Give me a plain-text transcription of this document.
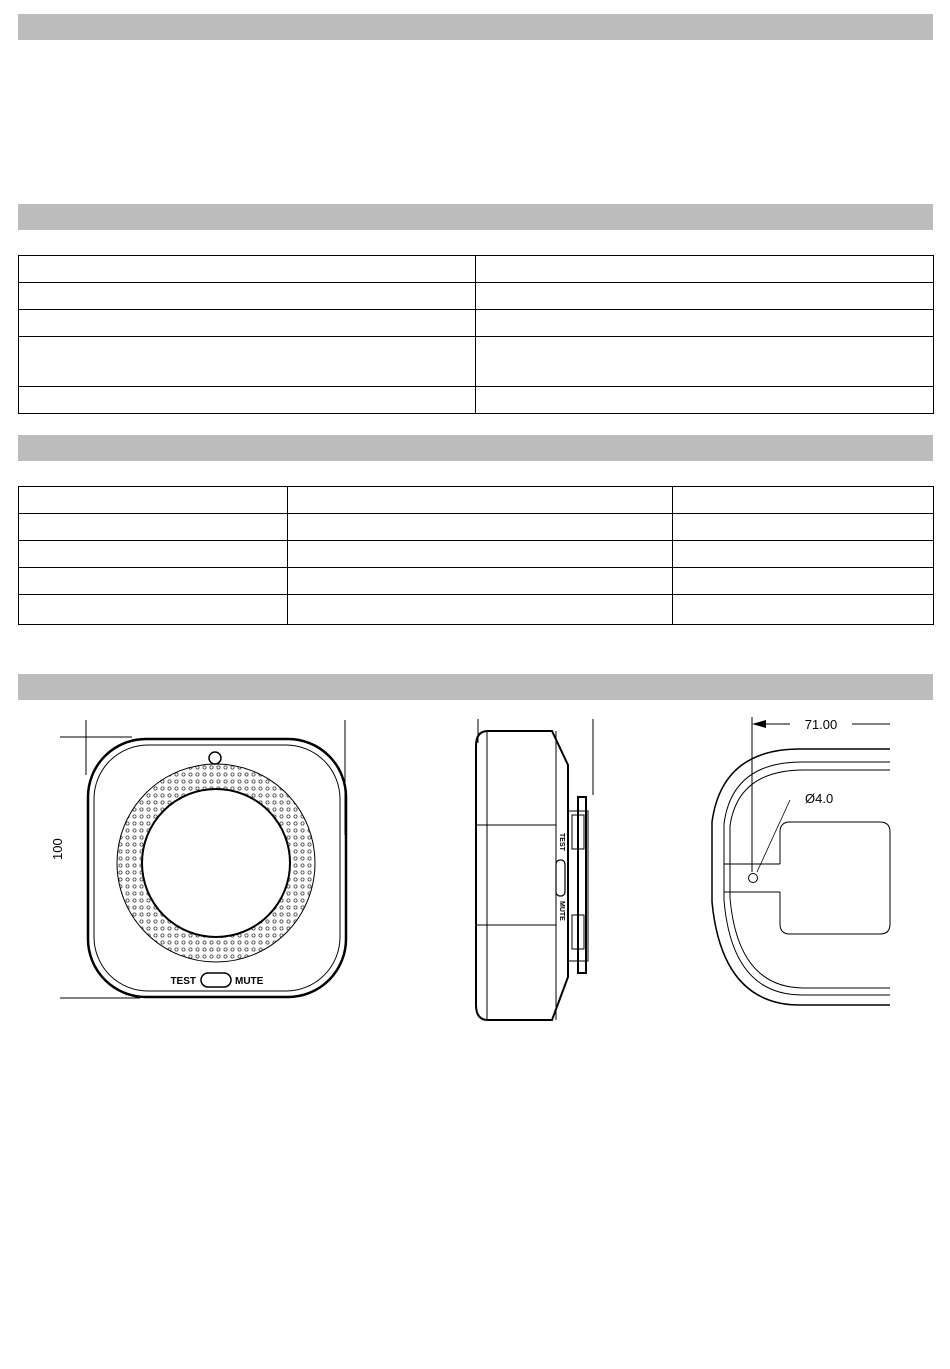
100
TEST	MUTE
TEST
MUTE
71.00
Ø4.0
